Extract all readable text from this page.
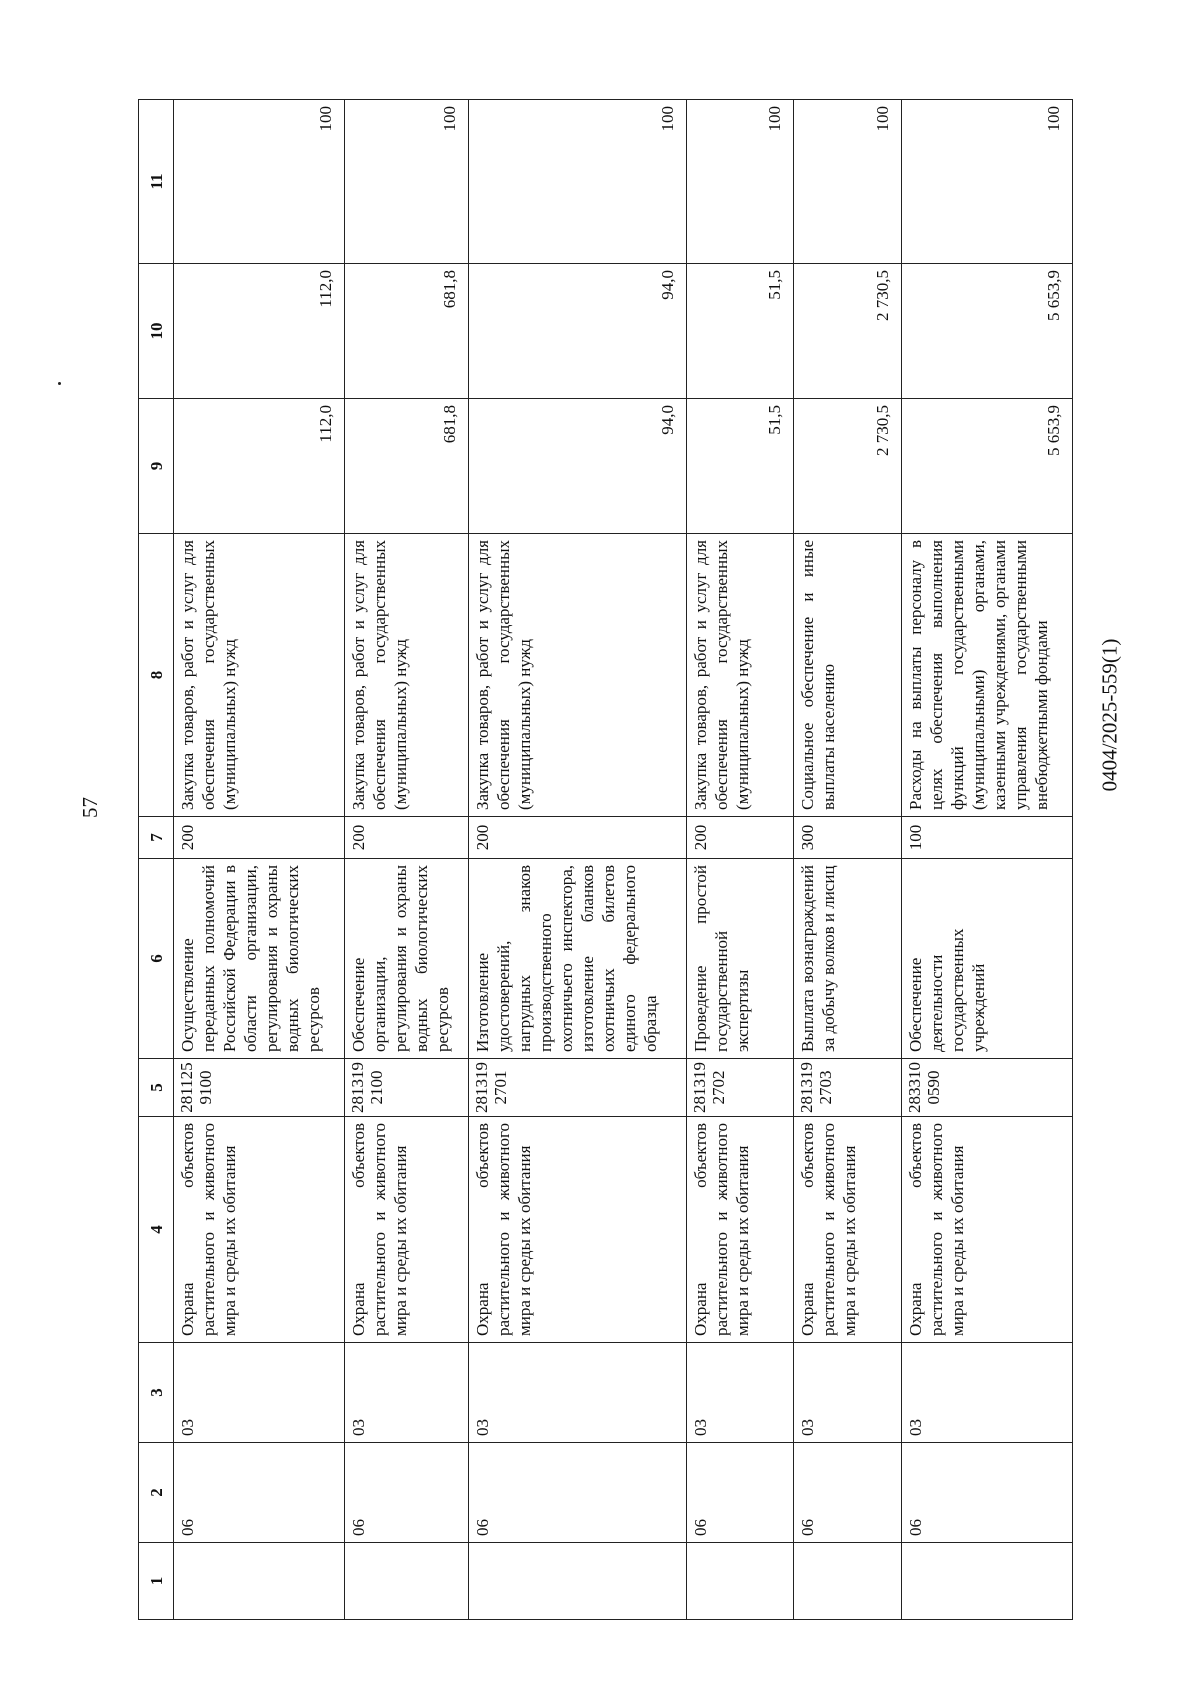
57
0404/2025-559(1)
1	2	3	4	5	6	7	8	9	10	11
	06	03	Охрана объектов растительного и животного мира и среды их обитания	281125 9100	Осуществление переданных полномочий Российской Федерации в области организации, регулирования и охраны водных биологических ресурсов	200	Закупка товаров, работ и услуг для обеспечения государственных (муниципальных) нужд	112,0	112,0	100
	06	03	Охрана объектов растительного и животного мира и среды их обитания	281319 2100	Обеспечение организации, регулирования и охраны водных биологических ресурсов	200	Закупка товаров, работ и услуг для обеспечения государственных (муниципальных) нужд	681,8	681,8	100
	06	03	Охрана объектов растительного и животного мира и среды их обитания	281319 2701	Изготовление удостоверений, нагрудных знаков производственного охотничьего инспектора, изготовление бланков охотничьих билетов единого федерального образца	200	Закупка товаров, работ и услуг для обеспечения государственных (муниципальных) нужд	94,0	94,0	100
	06	03	Охрана объектов растительного и животного мира и среды их обитания	281319 2702	Проведение простой государственной экспертизы	200	Закупка товаров, работ и услуг для обеспечения государственных (муниципальных) нужд	51,5	51,5	100
	06	03	Охрана объектов растительного и животного мира и среды их обитания	281319 2703	Выплата вознаграждений за добычу волков и лисиц	300	Социальное обеспечение и иные выплаты населению	2 730,5	2 730,5	100
	06	03	Охрана объектов растительного и животного мира и среды их обитания	283310 0590	Обеспечение деятельности государственных учреждений	100	Расходы на выплаты персоналу в целях обеспечения выполнения функций государственными (муниципальными) органами, казенными учреждениями, органами управления государственными внебюджетными фондами	5 653,9	5 653,9	100
